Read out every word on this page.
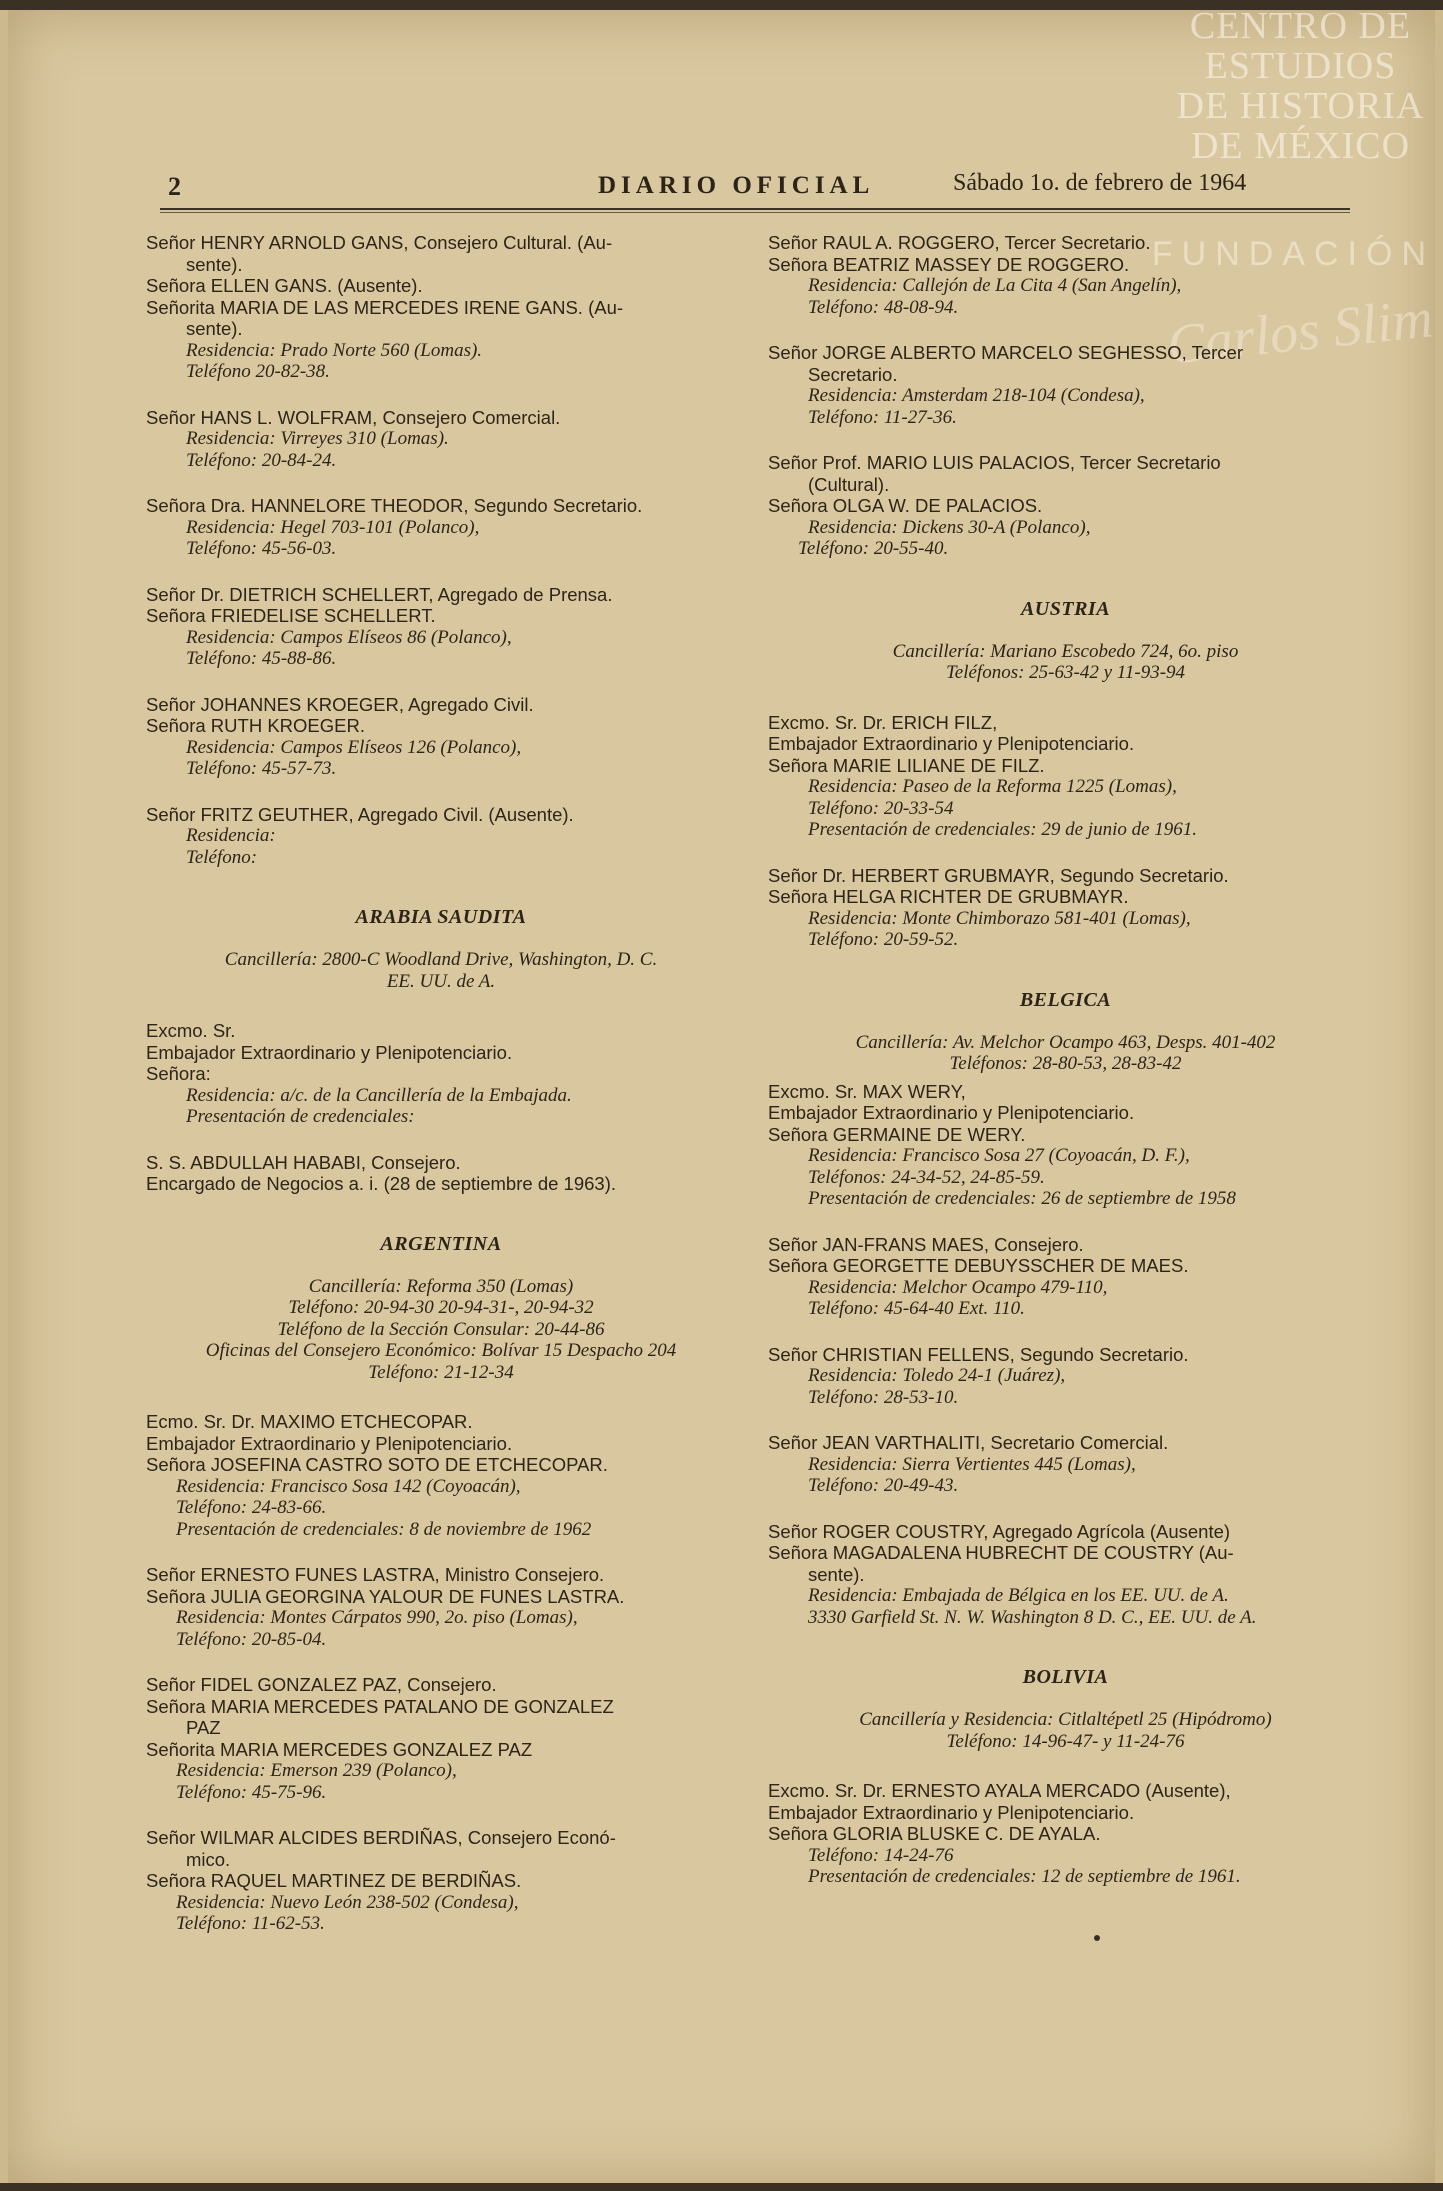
CENTRO DE
ESTUDIOS
DE HISTORIA
DE MÉXICO
FUNDACIÓN
Carlos Slim
2	DIARIO OFICIAL	Sábado 1o. de febrero de 1964
Señor HENRY ARNOLD GANS, Consejero Cultural. (Au-
sente).
Señora ELLEN GANS. (Ausente).
Señorita MARIA DE LAS MERCEDES IRENE GANS. (Au-
sente).
Residencia: Prado Norte 560 (Lomas).
Teléfono 20-82-38.
Señor HANS L. WOLFRAM, Consejero Comercial.
Residencia: Virreyes 310 (Lomas).
Teléfono: 20-84-24.
Señora Dra. HANNELORE THEODOR, Segundo Secretario.
Residencia: Hegel 703-101 (Polanco),
Teléfono: 45-56-03.
Señor Dr. DIETRICH SCHELLERT, Agregado de Prensa.
Señora FRIEDELISE SCHELLERT.
Residencia: Campos Elíseos 86 (Polanco),
Teléfono: 45-88-86.
Señor JOHANNES KROEGER, Agregado Civil.
Señora RUTH KROEGER.
Residencia: Campos Elíseos 126 (Polanco),
Teléfono: 45-57-73.
Señor FRITZ GEUTHER, Agregado Civil. (Ausente).
Residencia:
Teléfono:
ARABIA SAUDITA
Cancillería: 2800-C Woodland Drive, Washington, D. C.
EE. UU. de A.
Excmo. Sr.
Embajador Extraordinario y Plenipotenciario.
Señora:
Residencia: a/c. de la Cancillería de la Embajada.
Presentación de credenciales:
S. S. ABDULLAH HABABI, Consejero.
Encargado de Negocios a. i. (28 de septiembre de 1963).
ARGENTINA
Cancillería: Reforma 350 (Lomas)
Teléfono: 20-94-30 20-94-31-, 20-94-32
Teléfono de la Sección Consular: 20-44-86
Oficinas del Consejero Económico: Bolívar 15 Despacho 204
Teléfono: 21-12-34
Ecmo. Sr. Dr. MAXIMO ETCHECOPAR.
Embajador Extraordinario y Plenipotenciario.
Señora JOSEFINA CASTRO SOTO DE ETCHECOPAR.
Residencia: Francisco Sosa 142 (Coyoacán),
Teléfono: 24-83-66.
Presentación de credenciales: 8 de noviembre de 1962
Señor ERNESTO FUNES LASTRA, Ministro Consejero.
Señora JULIA GEORGINA YALOUR DE FUNES LASTRA.
Residencia: Montes Cárpatos 990, 2o. piso (Lomas),
Teléfono: 20-85-04.
Señor FIDEL GONZALEZ PAZ, Consejero.
Señora MARIA MERCEDES PATALANO DE GONZALEZ
PAZ
Señorita MARIA MERCEDES GONZALEZ PAZ
Residencia: Emerson 239 (Polanco),
Teléfono: 45-75-96.
Señor WILMAR ALCIDES BERDIÑAS, Consejero Econó-
mico.
Señora RAQUEL MARTINEZ DE BERDIÑAS.
Residencia: Nuevo León 238-502 (Condesa),
Teléfono: 11-62-53.
Señor RAUL A. ROGGERO, Tercer Secretario.
Señora BEATRIZ MASSEY DE ROGGERO.
Residencia: Callejón de La Cita 4 (San Angelín),
Teléfono: 48-08-94.
Señor JORGE ALBERTO MARCELO SEGHESSO, Tercer
Secretario.
Residencia: Amsterdam 218-104 (Condesa),
Teléfono: 11-27-36.
Señor Prof. MARIO LUIS PALACIOS, Tercer Secretario
(Cultural).
Señora OLGA W. DE PALACIOS.
Residencia: Dickens 30-A (Polanco),
Teléfono: 20-55-40.
AUSTRIA
Cancillería: Mariano Escobedo 724, 6o. piso
Teléfonos: 25-63-42 y 11-93-94
Excmo. Sr. Dr. ERICH FILZ,
Embajador Extraordinario y Plenipotenciario.
Señora MARIE LILIANE DE FILZ.
Residencia: Paseo de la Reforma 1225 (Lomas),
Teléfono: 20-33-54
Presentación de credenciales: 29 de junio de 1961.
Señor Dr. HERBERT GRUBMAYR, Segundo Secretario.
Señora HELGA RICHTER DE GRUBMAYR.
Residencia: Monte Chimborazo 581-401 (Lomas),
Teléfono: 20-59-52.
BELGICA
Cancillería: Av. Melchor Ocampo 463, Desps. 401-402
Teléfonos: 28-80-53, 28-83-42
Excmo. Sr. MAX WERY,
Embajador Extraordinario y Plenipotenciario.
Señora GERMAINE DE WERY.
Residencia: Francisco Sosa 27 (Coyoacán, D. F.),
Teléfonos: 24-34-52, 24-85-59.
Presentación de credenciales: 26 de septiembre de 1958
Señor JAN-FRANS MAES, Consejero.
Señora GEORGETTE DEBUYSSCHER DE MAES.
Residencia: Melchor Ocampo 479-110,
Teléfono: 45-64-40 Ext. 110.
Señor CHRISTIAN FELLENS, Segundo Secretario.
Residencia: Toledo 24-1 (Juárez),
Teléfono: 28-53-10.
Señor JEAN VARTHALITI, Secretario Comercial.
Residencia: Sierra Vertientes 445 (Lomas),
Teléfono: 20-49-43.
Señor ROGER COUSTRY, Agregado Agrícola (Ausente)
Señora MAGADALENA HUBRECHT DE COUSTRY (Au-
sente).
Residencia: Embajada de Bélgica en los EE. UU. de A.
3330 Garfield St. N. W. Washington 8 D. C., EE. UU. de A.
BOLIVIA
Cancillería y Residencia: Citlaltépetl 25 (Hipódromo)
Teléfono: 14-96-47- y 11-24-76
Excmo. Sr. Dr. ERNESTO AYALA MERCADO (Ausente),
Embajador Extraordinario y Plenipotenciario.
Señora GLORIA BLUSKE C. DE AYALA.
Teléfono: 14-24-76
Presentación de credenciales: 12 de septiembre de 1961.
